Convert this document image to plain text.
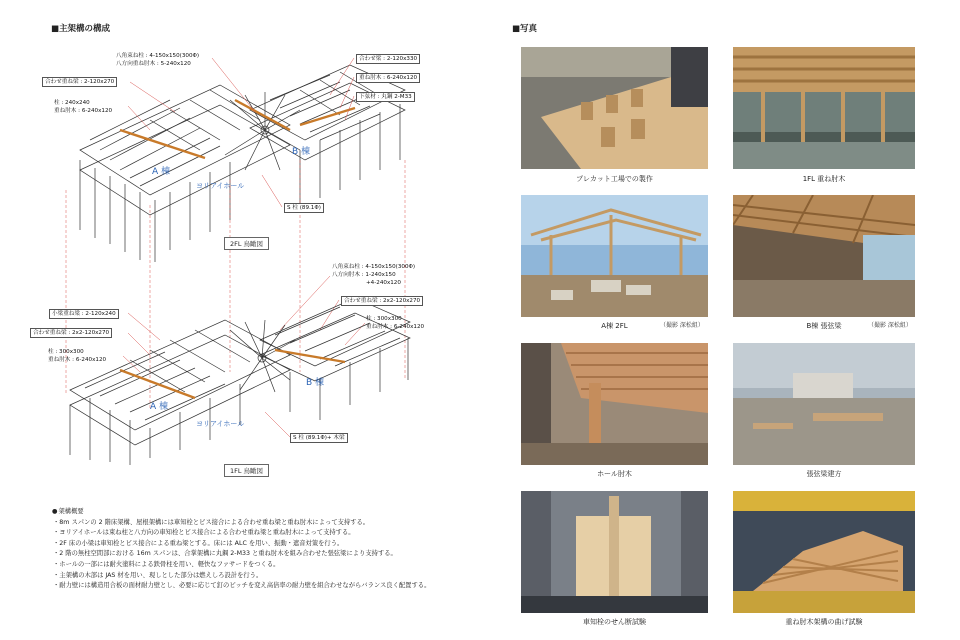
■主架構の構成
八角束ね柱 : 4-150x150(300Φ)
八方向重ね肘木 : 5-240x120
合わせ重ね梁 : 2-120x270
柱 : 240x240
重ね肘木 : 6-240x120
合わせ梁 : 2-120x330
重ね肘木 : 6-240x120
下弦材 : 丸鋼 2-M33
S 柱 (89.1Φ)
A 棟
B 棟
ヨリアイホール
2FL 鳥瞰図
八角束ね柱 : 4-150x150(300Φ)
八方向肘木 : 1-240x150
+4-240x120
合わせ重ね梁 : 2x2-120x270
小梁重ね梁 : 2-120x240
合わせ重ね梁 : 2x2-120x270
柱 : 300x300
重ね肘木 : 6-240x120
柱 : 300x300
重ね肘木 : 6-240x120
S 柱 (89.1Φ)+ 木梁
A 棟
B 棟
ヨリアイホール
1FL 鳥瞰図
● 架構概要

・8m スパンの 2 階床架構、屋根架構には車知栓とビス接合による合わせ重ね梁と重ね肘木によって支持する。

・ヨリアイホールは束ね柱と八方向の車知栓とビス接合による合わせ重ね梁と重ね肘木によって支持する。

・2F 床の小梁は車知栓とビス接合による重ね梁とする。床には ALC を用い、振動・遮音対策を行う。

・2 階の無柱空間部における 16m スパンは、合掌架構に丸鋼 2-M33 と重ね肘木を組み合わせた張弦梁により支持する。

・ホールの一部には耐火塗料による鉄骨柱を用い、軽快なファサードをつくる。

・主架構の木部は JAS 材を用い、現しとした部分は燃えしろ設計を行う。

・耐力壁には構造用合板の面材耐力壁とし、必要に応じて釘のピッチを変え高倍率の耐力壁を組合わせながらバランス良く配置する。

■写真
プレカット工場での製作	1FL 重ね肘木
A棟 2FL	（撮影 深松組）	B棟 張弦梁	（撮影 深松組）
ホール肘木	張弦梁建方
車知栓のせん断試験	重ね肘木架構の曲げ試験
